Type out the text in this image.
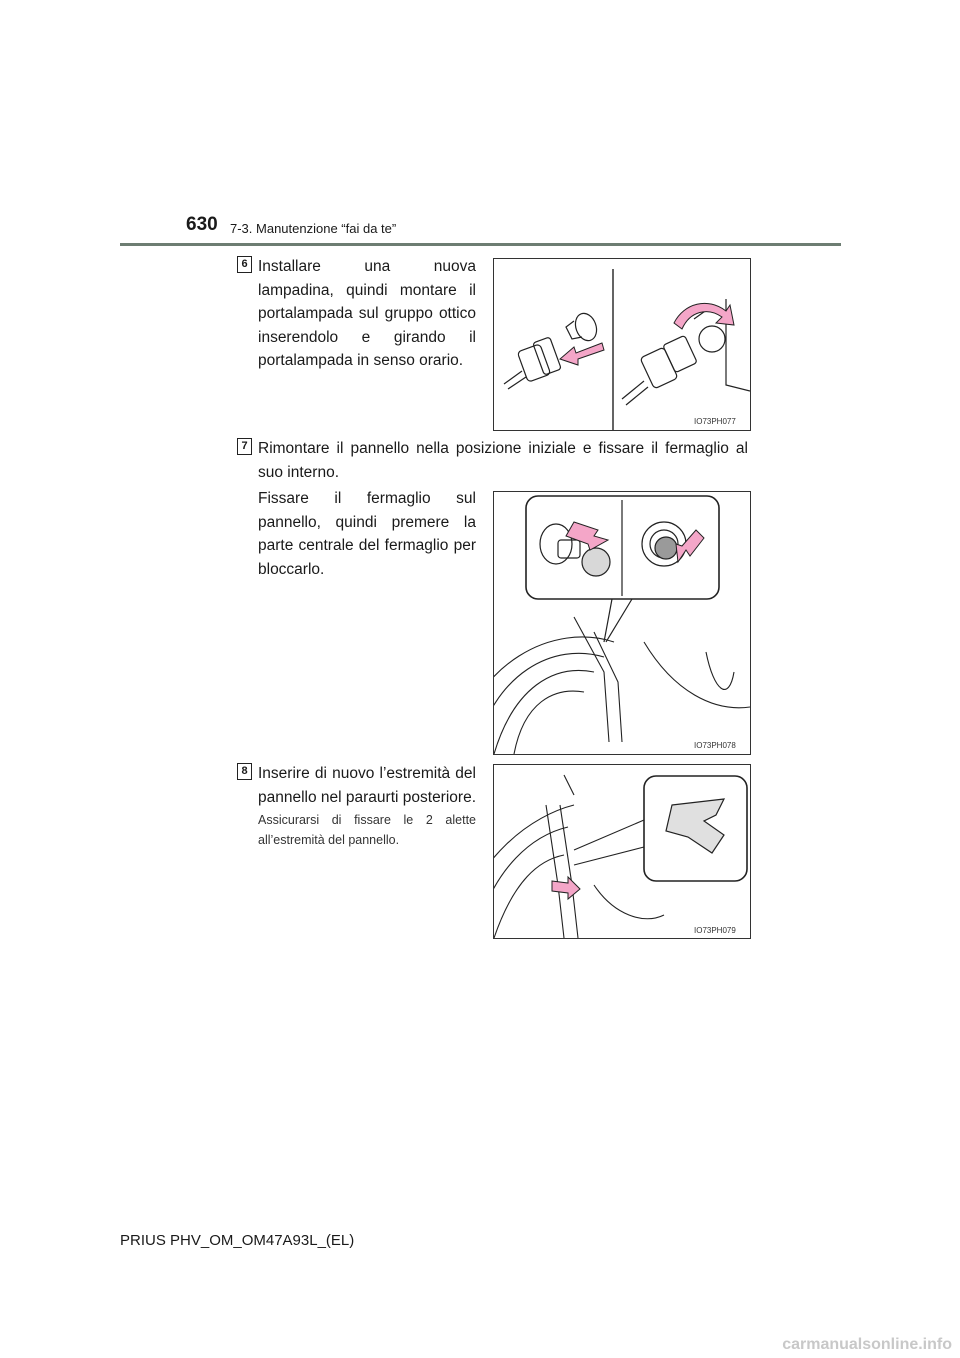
630 7-3. Manutenzione “fai da te”
6 Installare una nuova lampadina, quindi montare il portalampada sul gruppo ottico inserendolo e girando il portalampada in senso orario.
IO73PH077
7 Rimontare il pannello nella posizione iniziale e fissare il fermaglio al suo interno.
Fissare il fermaglio sul pannello, quindi premere la parte centrale del fermaglio per bloccarlo.
IO73PH078
8 Inserire di nuovo l’estremità del pannello nel paraurti posteriore.
Assicurarsi di fissare le 2 alette all’estremità del pannello.
IO73PH079
PRIUS PHV_OM_OM47A93L_(EL)
carmanualsonline.info
